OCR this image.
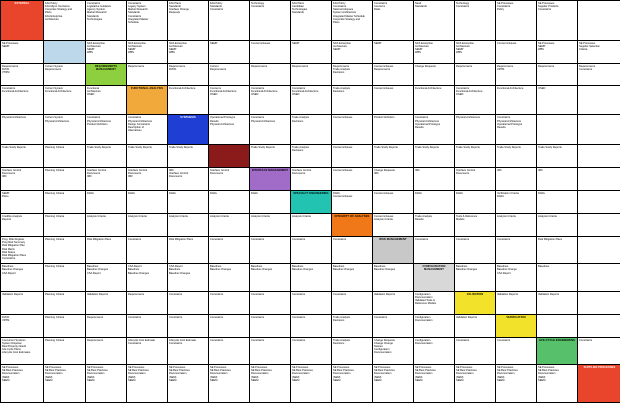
EXTERNAL	FAA Policy
FAA Mgmt. Decisions
Corporate Strategy and
Plans
FAA Enterprise
Architecture

Constraints
Legislative Guidance
Agency System
Market Research
Standards
Technologies

Constraints
Legacy System
Market Research
Standards
Constraints
Integrated Master
Schedule

FAA Plans
Standards
Interface Change
Requests

FAA Policy
Standards
Constraints

Technology
Constraints

FAA Plans
Candidate
Technologies
Standards

FAA Policy
Constraints
National Airspace
System Architecture
Integrated Master Schedule
Corporate Strategy and
Plans

Constraints
Concerns
Risks

Need
Standards

Technology
Constraints

SE Processes
Constraints
Policy

SE Processes
Supplier Products
Constraints

SE Processes
SEMP		NAS Enterprise
Architecture
SEMP
WBS	NAS Enterprise
Architecture
SEMP
WBS	NAS Enterprise
Architecture
SEMP
WBS	SEMP	Concerns/Issues	SEMP	NAS Enterprise
Architecture
SEMP	SEMP	NAS Enterprise
Architecture
SEMP
WBS	NAS Enterprise
Architecture
SEMP
WBS	Concerns/Issues	SE Processes
SEMP
WBS	SE Processes
Supplier Selection
Criteria

Requirements
RVCD
VTRM	Current System
Requirements	REQUIREMENTS MANAGEMENT	Requirements	Requirements
RVCD	Current
Requirements	Requirements	Requirements	Requirements
Trade Analysis
Decisions	Concerns/Issues
Requirements	Change Requests	Requirements	Requirements
VRTM	Requirements	Requirements
Constraints

Constraints
Functional Architecture	Current System
Functional Architecture	Functional
Architecture
OSED	FUNCTIONAL ANALYSIS	Functional Architecture	Concerns
Functional Architecture
OSED	Constraints
Functional Architecture
OSED	Constraints
Functional Architecture
OSED	Trade Analysis
Decisions	Concerns/Issues	Functional Architecture	Constraints
Functional Architecture
OSED	Functional Architecture	OSED	

Physical Architecture	Current System
Physical Architecture	Constraints
Physical Architecture
Product Definition	Constraints
Physical Architecture
Design Constraints
Description of
Alternatives	SYNTHESIS	Operational Prototype
Results
Physical Architecture	Constraints
Physical Architecture	Trade Analysis
Decisions	Concerns/Issues	Product Definition	Constraints
Physical Architecture
Operational Prototype
Results	Physical Architecture	Constraints
Physical Architecture
Operational Prototype
Results		

Trade Study Reports	Planning Criteria	Trade Study Reports	Trade Study Reports	Trade Study Reports		Trade Study Reports	Trade Analysis
Decisions	Concerns/Issues	Trade Study Reports	Trade Study Reports	Trade Study Reports	Trade Study Reports	Trade Study Reports	

Interface Control
Documents
IRD	Planning Criteria	Interface Control
Documents
IRD	Interface Control
Documents
IRD	IRD
Interface Control
Documents	Interface Control
Documents	INTERFACE MANAGEMENT	Interface Control
Documents	Concerns/Issues	Change Requests
IRD	IRD	Interface Control
Documents	IRD	IRD	

SEMP
Plans	Planning Criteria	DARs	DARs	DARs	DARs	DARs	SPECIALTY ENGINEERING	DARs
Concerns/Issues	Concerns/Issues	DARs	DARs	Verification Criteria
DARs	DARs	

Credible Analysis
Reports	Planning Criteria	Analysis Criteria	Analysis Criteria	Analysis Criteria	Analysis Criteria	Analysis Criteria	Analysis Criteria	INTEGRITY OF ANALYSES	Concerns/Issues
Analysis Criteria	Trade Analysis
Results	Tools & Reference
Models	Analysis Criteria	Analysis Criteria	

Prog. Risk Register
Prog Risk Summary
Risk Mitigation Plan
Risk Matrix
Risk Status
Risk Mitigation Plans
Constraints

Planning Criteria	Risk Mitigation Plans	Constraints	Risk Mitigation Plans	Constraints	Constraints	Constraints	Constraints	RISK MANAGEMENT	Constraints	Constraints	Constraints	Risk Mitigation Plans

Baselines
Baseline Changes
CSA Report	Planning Criteria	Baselines
Baseline Changes
CSA Report	CSA Report
Baselines
Baseline Changes	CSA Report
Baselines
Baseline Changes	Baselines
Baseline Changes	Baselines
Baseline Changes	Baselines
Baseline Changes	Baselines
Baseline Changes	Baselines
Baseline Changes	CONFIGURATION MANAGEMENT	Baselines
Baseline Changes	Baselines
Baseline Change
CSA Report	Baselines	

Validation Reports	Planning Criteria	Validation Reports	Requirements	Constraints	Constraints	Constraints	Constraints	Constraints	Validation Reports	Configuration
Documentation
Validated Tools &
Reference Models	VALIDATION	Validation Reports	Validation Reports	

RVCD
VRTM	Planning Criteria	Requirements	Constraints	Constraints	Constraints	Constraints	Constraints	Trade Analysis
Decisions	Constraints	Configuration
Documentation	Validation Reports	VERIFICATION		

Concurrent Systems
System Disposal
Real Property Needs
Life-Cycle Plans
Lifecycle Cost Estimates	Planning Criteria	Requirements	Lifecycle Cost Estimate
Constraints	Lifecycle Cost Estimate
Constraints	Constraints	Constraints	Constraints	Trade Analysis
Decisions	Change Requests
Change Change
Notices
Configuration
Documentation	Configuration
Documentation	Constraints	Constraints	LIFE-CYCLE ENGINEERING	Constraints

SE Processes
SE Best Practices
Documentation
(SEM)
SEEM	SE Processes
SE Best Practices
Documentation
(SEM)
SEEM	SE Processes
SE Best Practices
Documentation
(SEM)
SEEM	SE Processes
SE Best Practices
Documentation
(SEM)
SEEM	SE Processes
SE Best Practices
Documentation
(SEM)
SEEM	SE Processes
SE Best Practices
Documentation
(SEM)
SEEM	SE Processes
SE Best Practices
Documentation
(SEM)
SEEM	SE Processes
SE Best Practices
Documentation
(SEM)
SEEM	SE Processes
SE Best Practices
Documentation
(SEM)
SEEM	SE Processes
SE Best Practices
Documentation
(SEM)
SEEM	SE Processes
SE Best Practices
Documentation
(SEM)
SEEM	SE Processes
SE Best Practices
Documentation
(SEM)
SEEM	SE Processes
SE Best Practices
Documentation
(SEM)
SEEM	SE Processes
SE Best Practices
Documentation
(SEM)
SEEM	SUPPLIER PROCESSES
